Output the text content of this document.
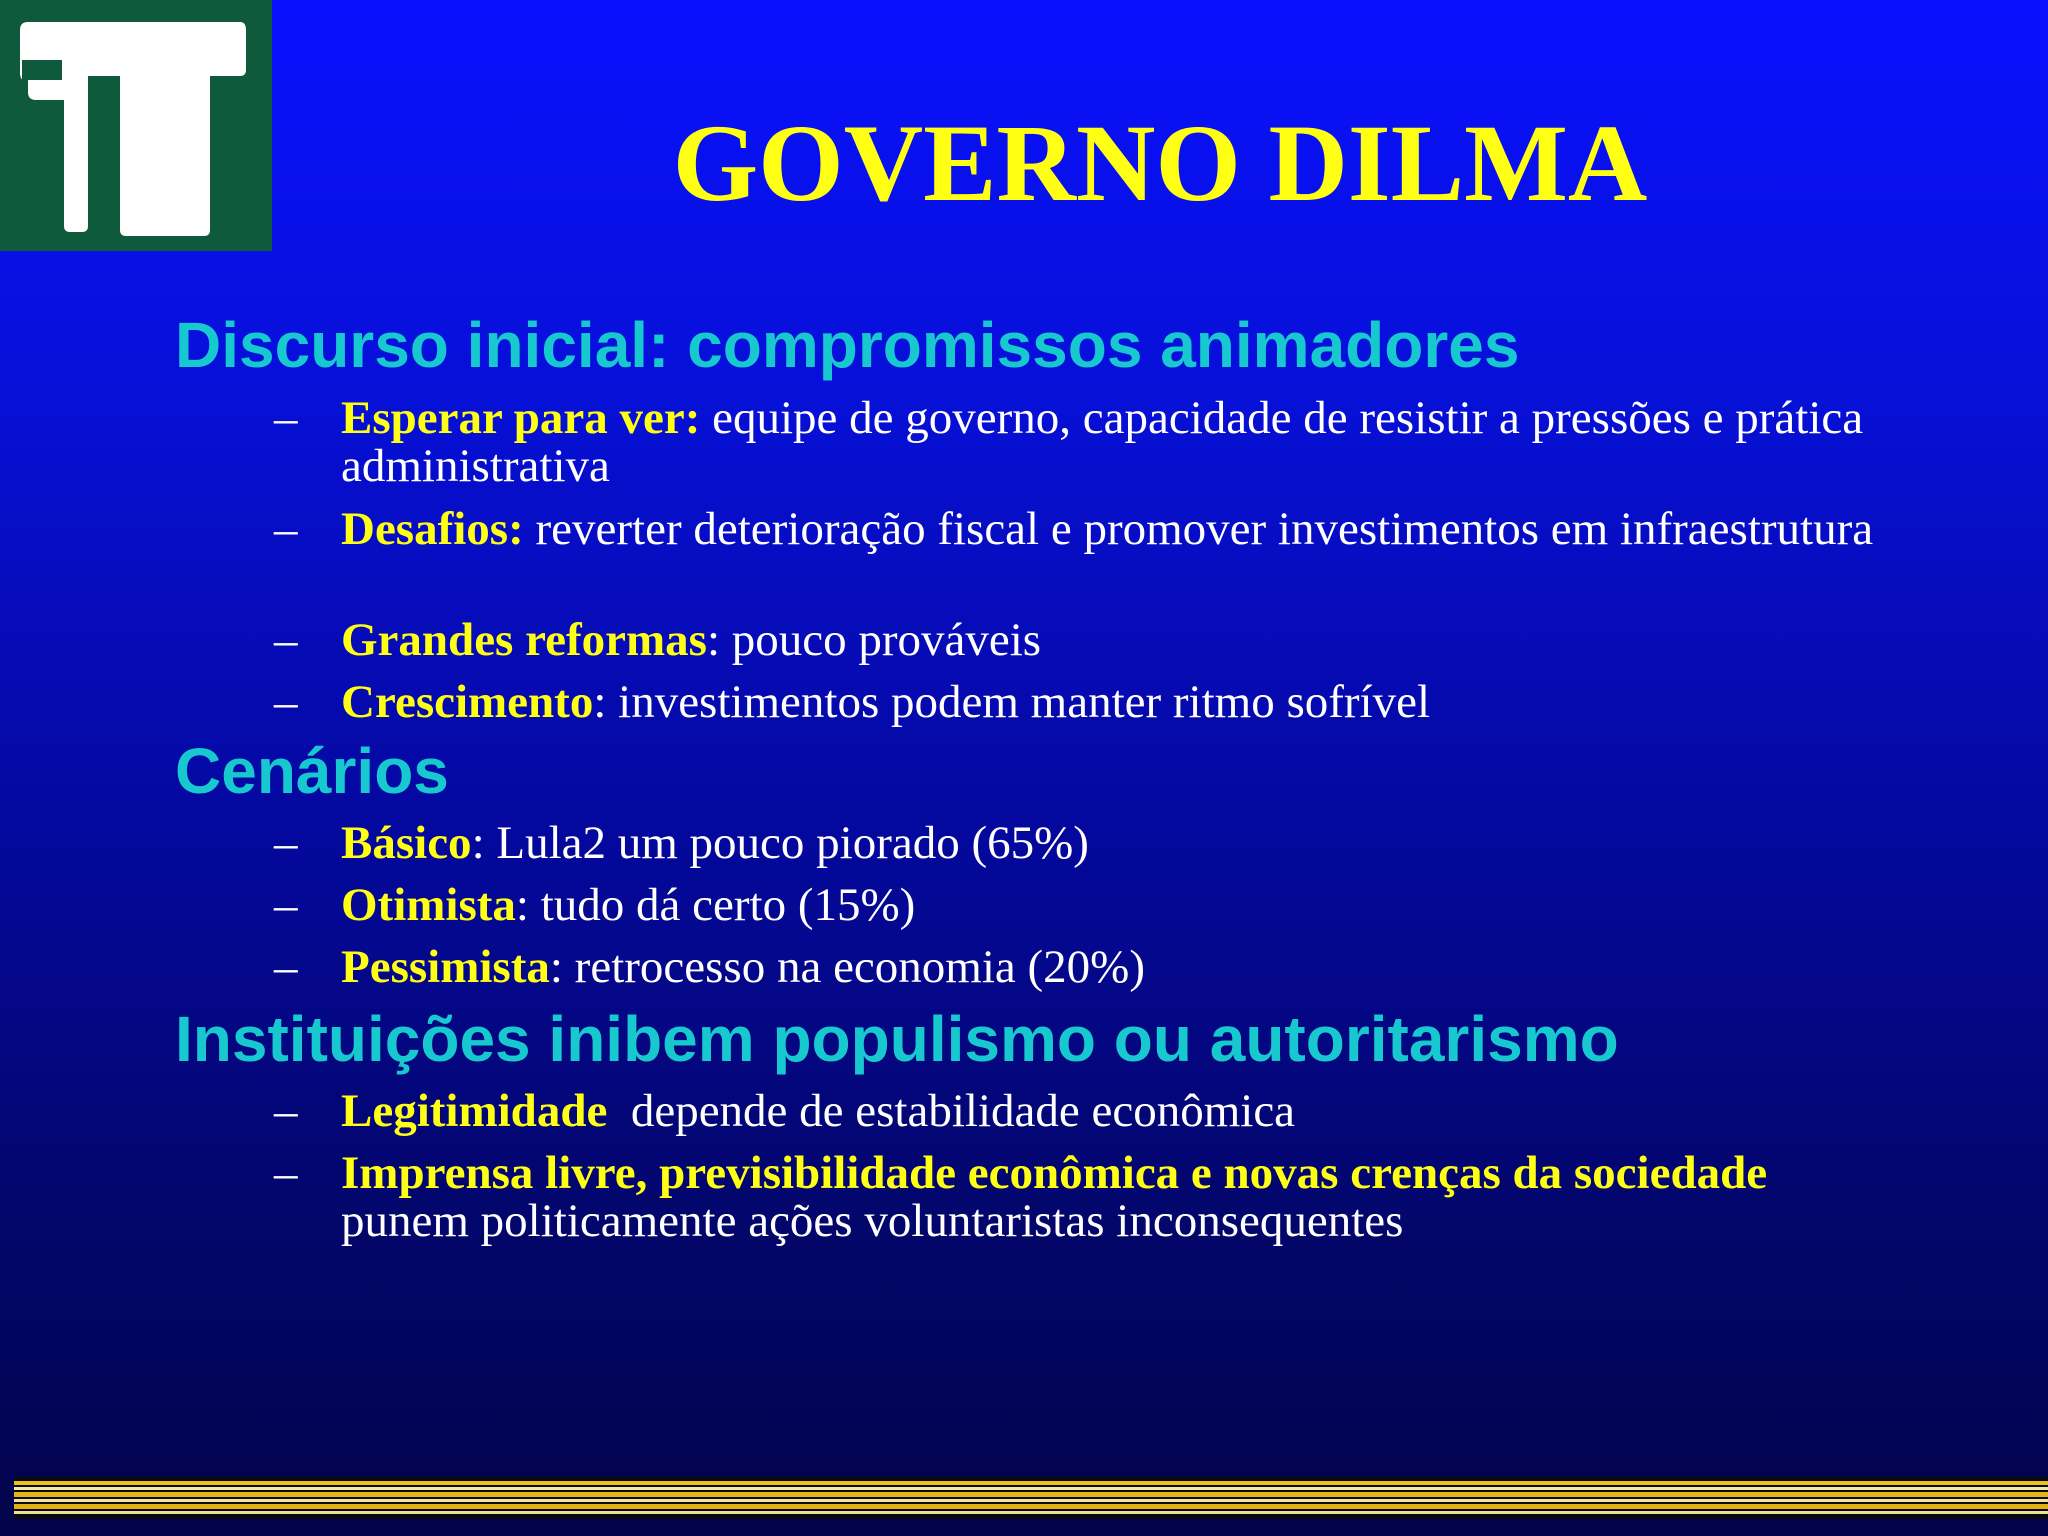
GOVERNO DILMA
Discurso inicial: compromissos animadores
– Esperar para ver: equipe de governo, capacidade de resistir a pressões e prática administrativa
– Desafios: reverter deterioração fiscal e promover investimentos em infraestrutura
– Grandes reformas: pouco prováveis
– Crescimento: investimentos podem manter ritmo sofrível
Cenários
– Básico: Lula2 um pouco piorado (65%)
– Otimista: tudo dá certo (15%)
– Pessimista: retrocesso na economia (20%)
Instituições inibem populismo ou autoritarismo
– Legitimidade  depende de estabilidade econômica
– Imprensa livre, previsibilidade econômica e novas crenças da sociedade  punem politicamente ações voluntaristas inconsequentes
